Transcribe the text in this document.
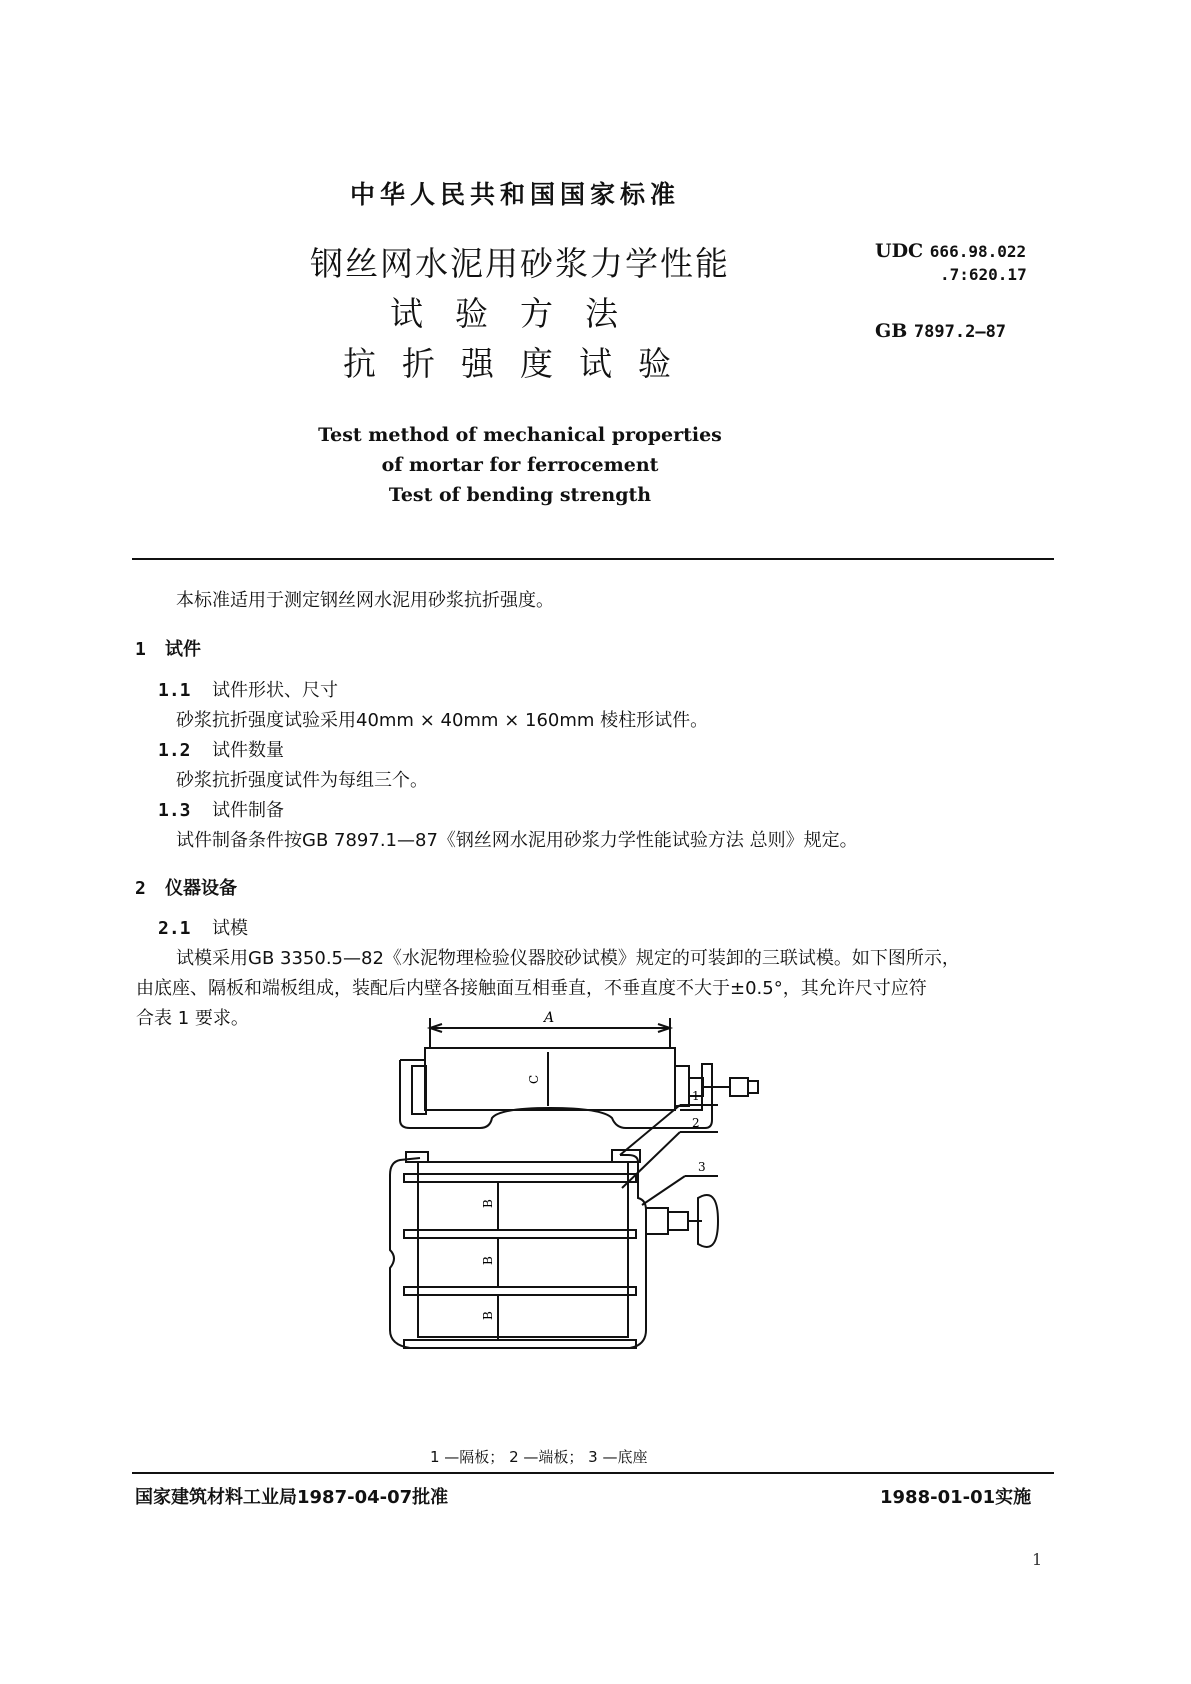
中华人民共和国国家标准
钢丝网水泥用砂浆力学性能
试验方法
抗折强度试验
UDC 666.98.022
.7:620.17
GB 7897.2—87
Test method of mechanical properties
of mortar for ferrocement
Test of bending strength
本标准适用于测定钢丝网水泥用砂浆抗折强度。
1 试件
1.1 试件形状、尺寸
砂浆抗折强度试验采用40mm × 40mm × 160mm 棱柱形试件。
1.2 试件数量
砂浆抗折强度试件为每组三个。
1.3 试件制备
试件制备条件按GB 7897.1—87《钢丝网水泥用砂浆力学性能试验方法 总则》规定。
2 仪器设备
2.1 试模
试模采用GB 3350.5—82《水泥物理检验仪器胶砂试模》规定的可装卸的三联试模。如下图所示，
由底座、隔板和端板组成，装配后内壁各接触面互相垂直，不垂直度不大于±0.5°，其允许尺寸应符
合表 1 要求。	A
C
B
B
B
1
2
3
1 —隔板； 2 —端板； 3 —底座
国家建筑材料工业局1987-04-07批准	1988-01-01实施
1
